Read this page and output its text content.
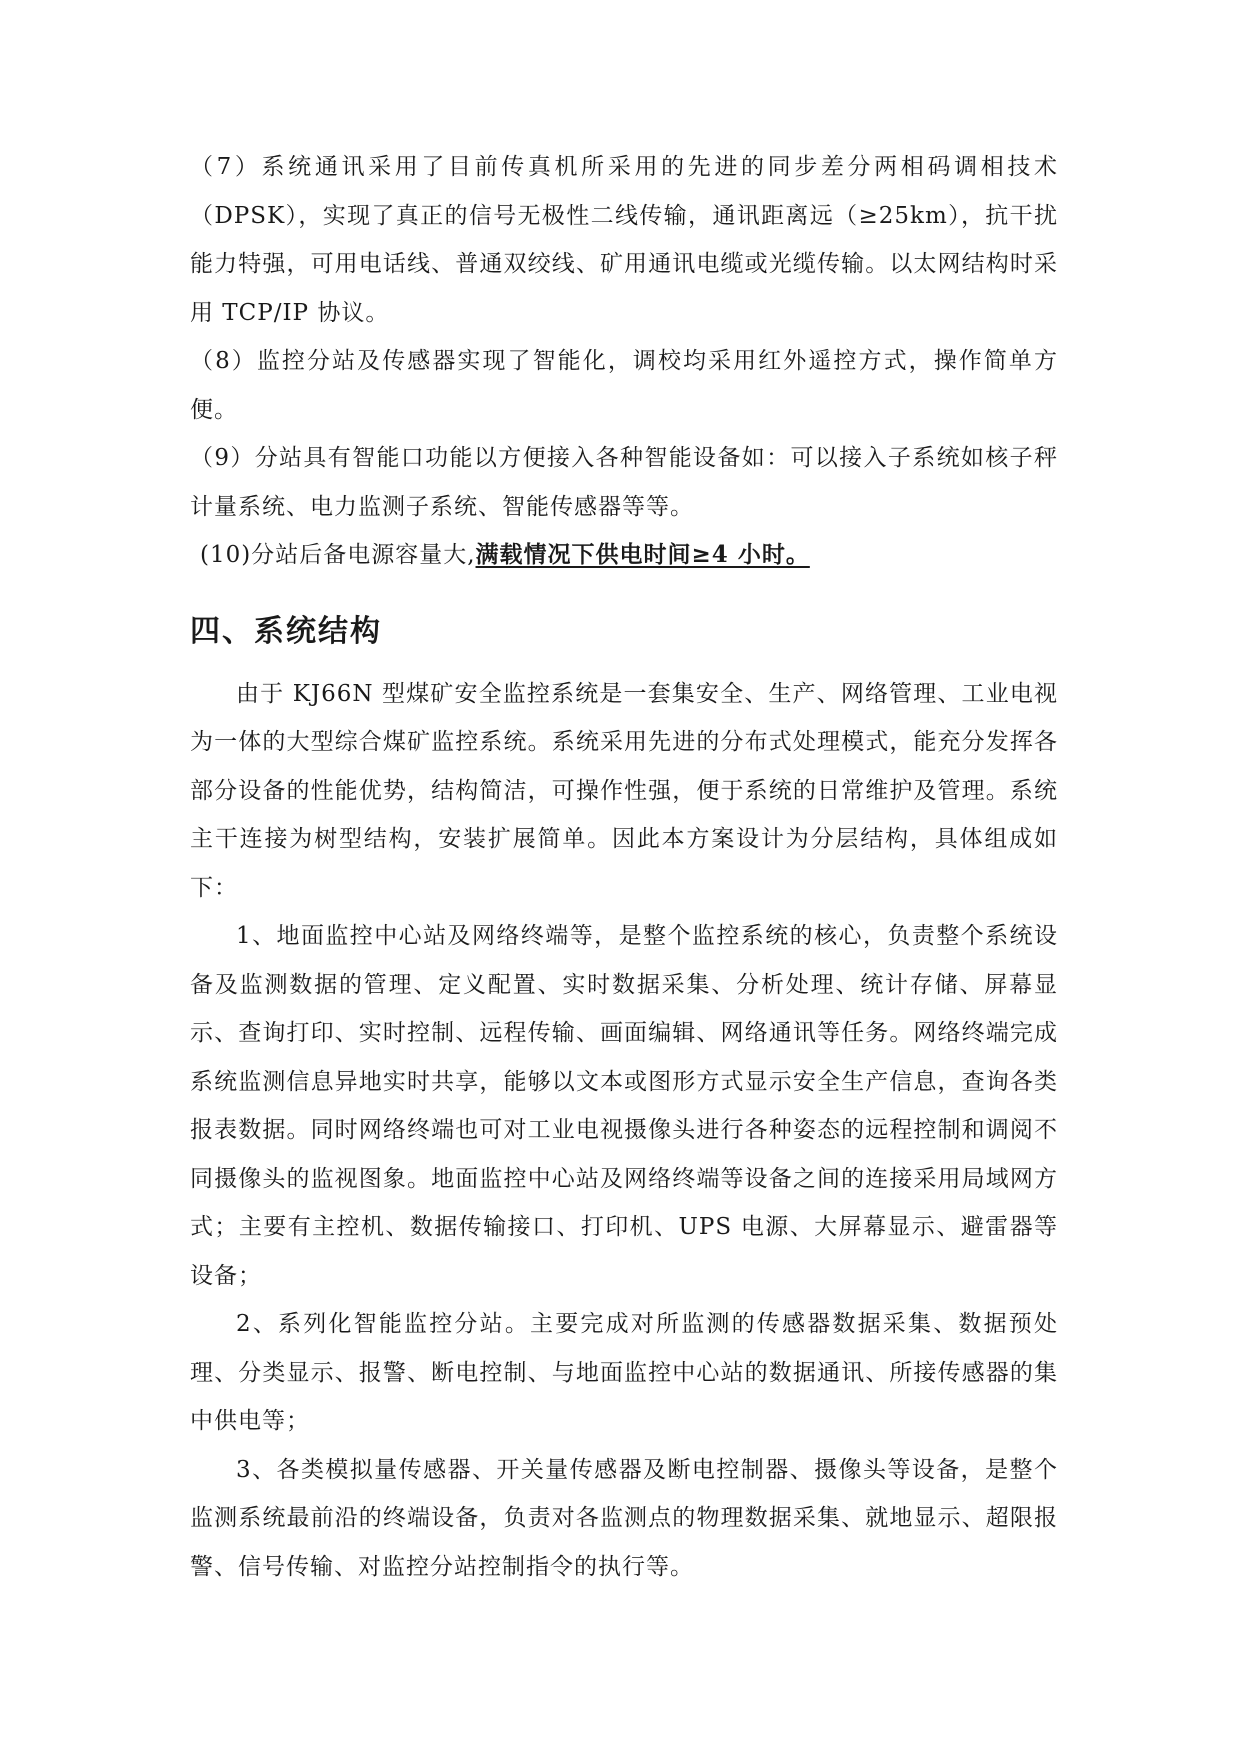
（7）系统通讯采用了目前传真机所采用的先进的同步差分两相码调相技术（DPSK），实现了真正的信号无极性二线传输，通讯距离远（≥25km），抗干扰能力特强，可用电话线、普通双绞线、矿用通讯电缆或光缆传输。以太网结构时采用 TCP/IP 协议。

（8）监控分站及传感器实现了智能化，调校均采用红外遥控方式，操作简单方便。

（9）分站具有智能口功能以方便接入各种智能设备如：可以接入子系统如核子秤计量系统、电力监测子系统、智能传感器等等。

(10)分站后备电源容量大,满载情况下供电时间≥4 小时。

四、系统结构

由于 KJ66N 型煤矿安全监控系统是一套集安全、生产、网络管理、工业电视为一体的大型综合煤矿监控系统。系统采用先进的分布式处理模式，能充分发挥各部分设备的性能优势，结构简洁，可操作性强，便于系统的日常维护及管理。系统主干连接为树型结构，安装扩展简单。因此本方案设计为分层结构，具体组成如下：

1、地面监控中心站及网络终端等，是整个监控系统的核心，负责整个系统设备及监测数据的管理、定义配置、实时数据采集、分析处理、统计存储、屏幕显示、查询打印、实时控制、远程传输、画面编辑、网络通讯等任务。网络终端完成系统监测信息异地实时共享，能够以文本或图形方式显示安全生产信息，查询各类报表数据。同时网络终端也可对工业电视摄像头进行各种姿态的远程控制和调阅不同摄像头的监视图象。地面监控中心站及网络终端等设备之间的连接采用局域网方式；主要有主控机、数据传输接口、打印机、UPS 电源、大屏幕显示、避雷器等设备；

2、系列化智能监控分站。主要完成对所监测的传感器数据采集、数据预处理、分类显示、报警、断电控制、与地面监控中心站的数据通讯、所接传感器的集中供电等；

3、各类模拟量传感器、开关量传感器及断电控制器、摄像头等设备，是整个监测系统最前沿的终端设备，负责对各监测点的物理数据采集、就地显示、超限报警、信号传输、对监控分站控制指令的执行等。
